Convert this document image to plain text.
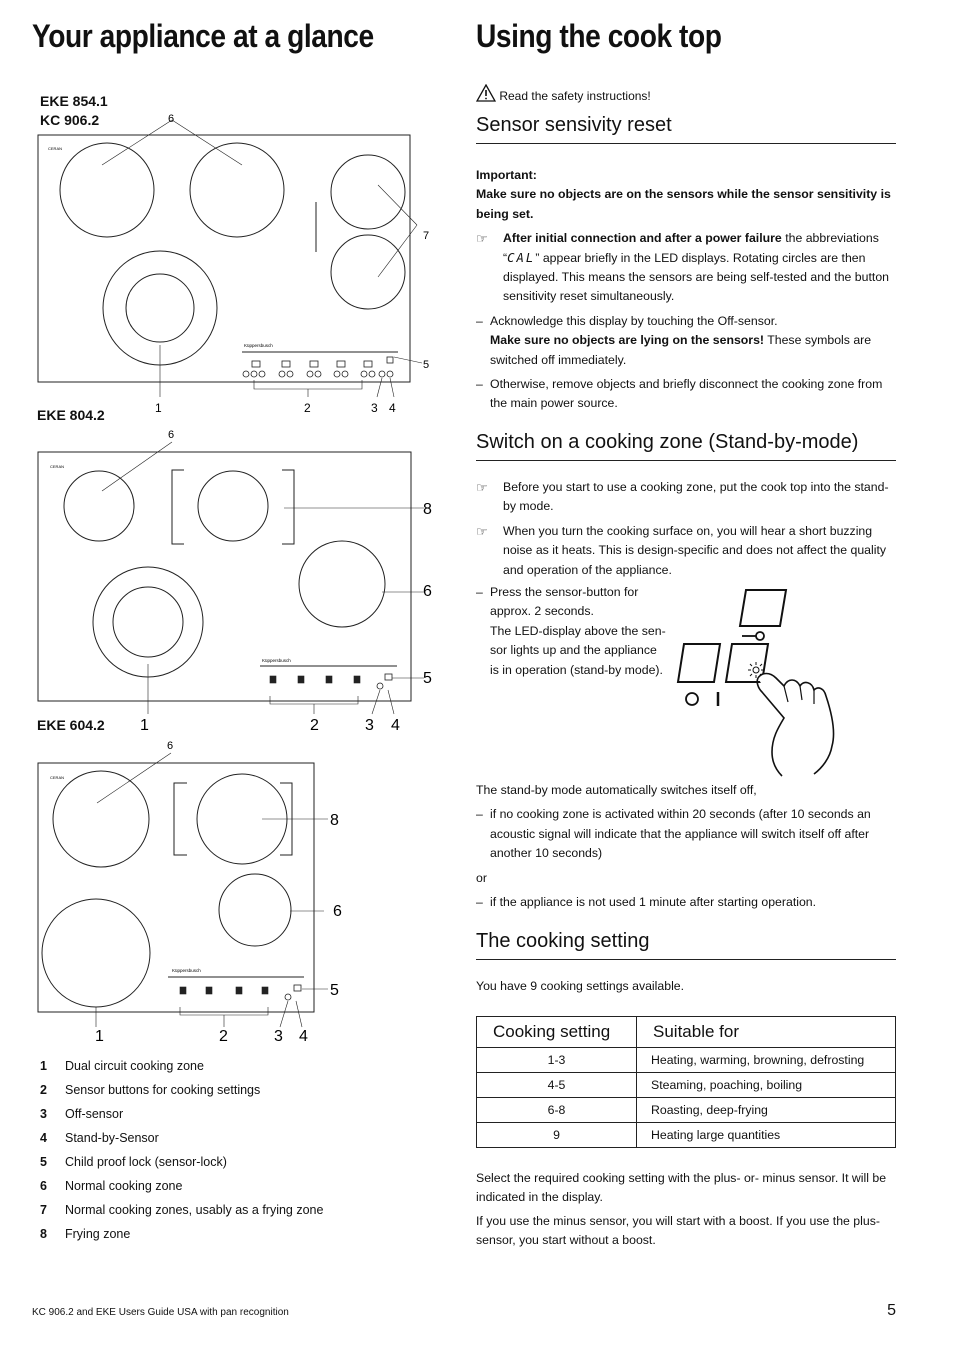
Your appliance at a glance
EKE 854.1
KC 906.2
EKE 804.2
EKE 604.2
CERAN
Küppersbusch
6
7
1	2	3 4
5
CERAN
Küppersbusch
6
8
6
5
1	2	3 4
CERAN
Küppersbusch
6
8
6
5
1	2	3 4
1	Dual circuit cooking zone
2	Sensor buttons for cooking settings
3	Off-sensor
4	Stand-by-Sensor
5	Child proof lock (sensor-lock)
6	Normal cooking zone
7	Normal cooking zones, usably as a frying zone
8	Frying zone
Using the cook top
Read the safety instructions!
Sensor sensivity reset
Important:
Make sure no objects are on the sensors while the sensor sensitivity is being set.
☞	After initial connection and after a power failure the abbreviations “CAL” appear briefly in the LED displays. Rotating circles are then displayed. This means the sensors are being self-tested and the button sensitivity reset simultaneously.
– Acknowledge this display by touching the Off-sensor.
Make sure no objects are lying on the sensors! These symbols are switched off immediately.
– Otherwise, remove objects and briefly disconnect the cooking zone from the main power source.
Switch on a cooking zone (Stand-by-mode)
☞	Before you start to use a cooking zone, put the cook top into the stand-by mode.
☞	When you turn the cooking surface on, you will hear a short buzzing noise as it heats. This is design-specific and does not affect the quality and operation of the appliance.
– Press the sensor-button for
approx. 2 seconds.
The LED-display above the sen-
sor lights up and the appliance
is in operation (stand-by mode).
The stand-by mode automatically switches itself off,
– if no cooking zone is activated within 20 seconds (after 10 seconds an acoustic signal will indicate that the appliance will switch itself off after another 10 seconds)
or
– if the appliance is not used 1 minute after starting operation.
The cooking setting
You have 9 cooking settings available.
Cooking setting	Suitable for
1-3	Heating, warming, browning, defrosting
4-5	Steaming, poaching, boiling
6-8	Roasting, deep-frying
9	Heating large quantities
Select the required cooking setting with the plus- or- minus sensor. It will be indicated in the display.
If you use the minus sensor, you will start with a boost. If you use the plus-sensor, you start without a boost.
KC 906.2 and EKE Users Guide USA with pan recognition	5
